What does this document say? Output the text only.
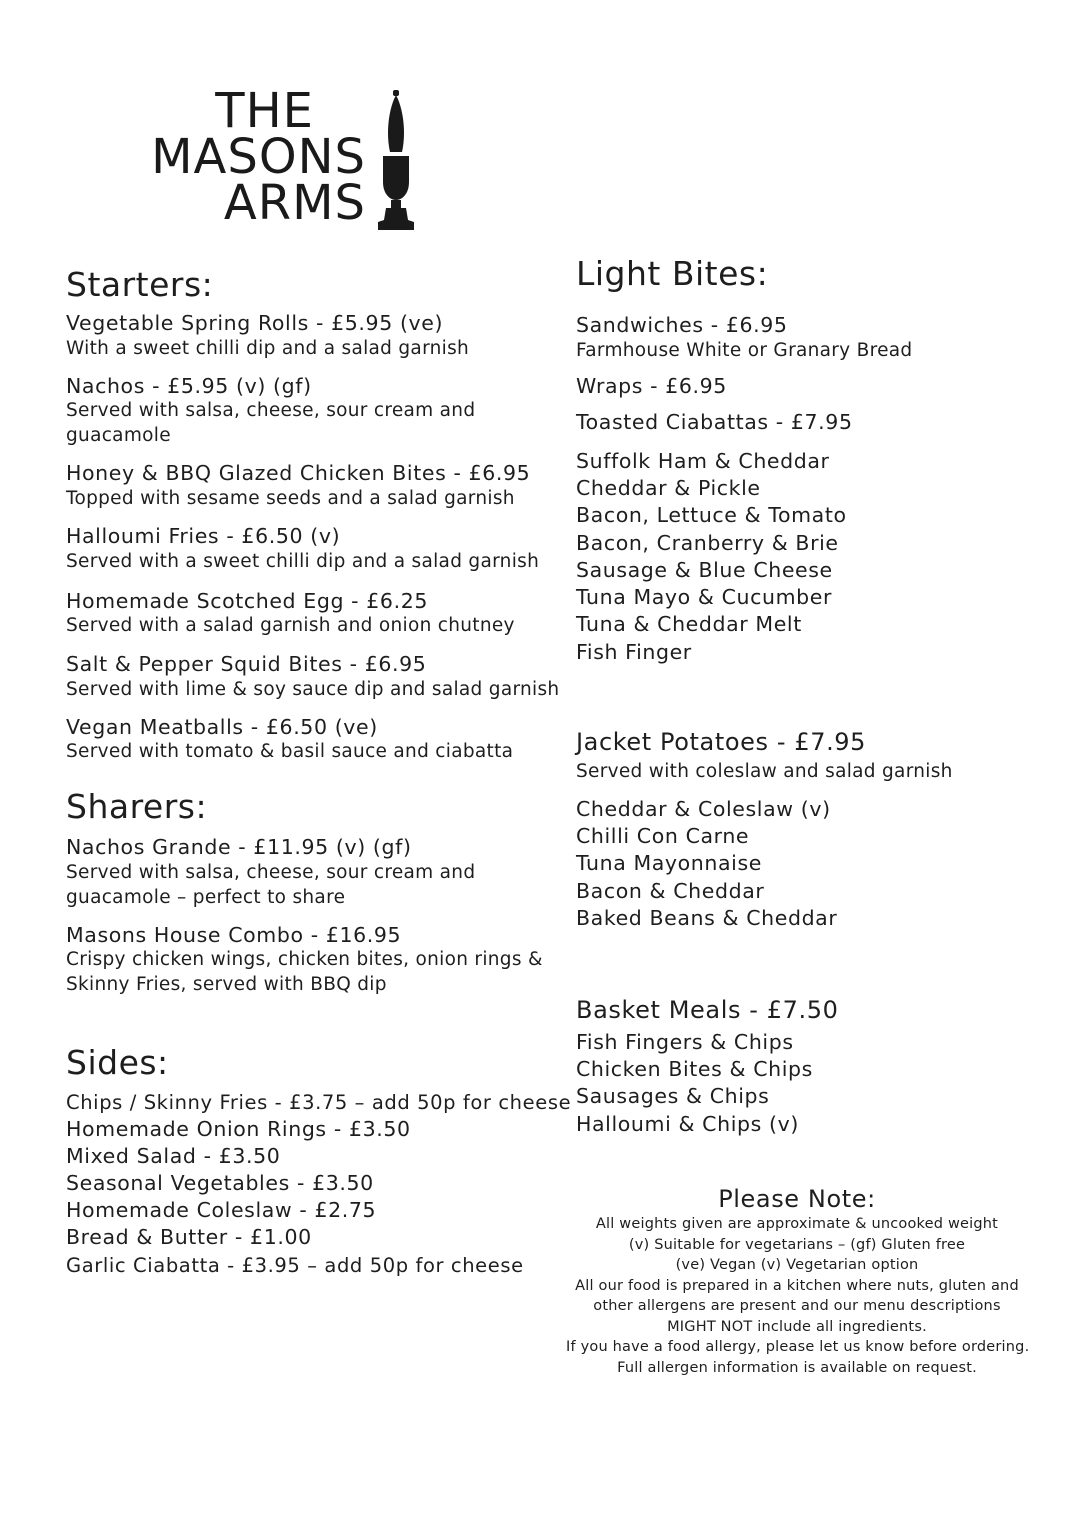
THE
MASONS
ARMS
Starters:
Vegetable Spring Rolls - £5.95 (ve)
With a sweet chilli dip and a salad garnish
Nachos - £5.95 (v) (gf)
Served with salsa, cheese, sour cream and
guacamole
Honey & BBQ Glazed Chicken Bites - £6.95
Topped with sesame seeds and a salad garnish
Halloumi Fries - £6.50 (v)
Served with a sweet chilli dip and a salad garnish
Homemade Scotched Egg - £6.25
Served with a salad garnish and onion chutney
Salt & Pepper Squid Bites - £6.95
Served with lime & soy sauce dip and salad garnish
Vegan Meatballs - £6.50 (ve)
Served with tomato & basil sauce and ciabatta
Sharers:
Nachos Grande - £11.95 (v) (gf)
Served with salsa, cheese, sour cream and
guacamole – perfect to share
Masons House Combo - £16.95
Crispy chicken wings, chicken bites, onion rings &
Skinny Fries, served with BBQ dip
Sides:
Chips / Skinny Fries - £3.75 – add 50p for cheese
Homemade Onion Rings - £3.50
Mixed Salad - £3.50
Seasonal Vegetables - £3.50
Homemade Coleslaw - £2.75
Bread & Butter - £1.00
Garlic Ciabatta - £3.95 – add 50p for cheese
Light Bites:
Sandwiches - £6.95
Farmhouse White or Granary Bread
Wraps - £6.95
Toasted Ciabattas - £7.95
Suffolk Ham & Cheddar
Cheddar & Pickle
Bacon, Lettuce & Tomato
Bacon, Cranberry & Brie
Sausage & Blue Cheese
Tuna Mayo & Cucumber
Tuna & Cheddar Melt
Fish Finger
Jacket Potatoes - £7.95
Served with coleslaw and salad garnish
Cheddar & Coleslaw (v)
Chilli Con Carne
Tuna Mayonnaise
Bacon & Cheddar
Baked Beans & Cheddar
Basket Meals - £7.50
Fish Fingers & Chips
Chicken Bites & Chips
Sausages & Chips
Halloumi & Chips (v)
Please Note:
All weights given are approximate & uncooked weight
(v) Suitable for vegetarians – (gf) Gluten free
(ve) Vegan (v) Vegetarian option
All our food is prepared in a kitchen where nuts, gluten and
other allergens are present and our menu descriptions
MIGHT NOT include all ingredients.
If you have a food allergy, please let us know before ordering.
Full allergen information is available on request.
